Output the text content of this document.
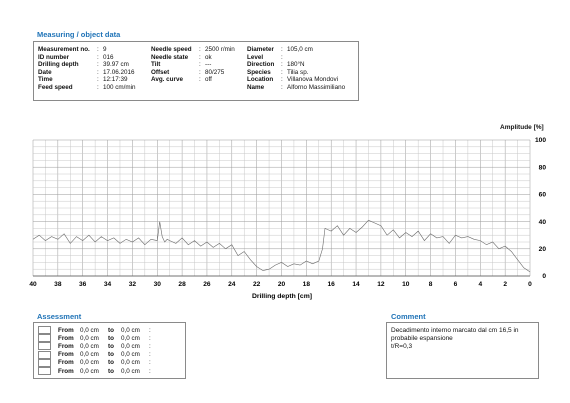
Measuring / object data
Measurement no.	: 9
ID number	: 016
Drilling depth	: 39.97 cm
Date	: 17.06.2016
Time	: 12:17:39
Feed speed	: 100 cm/min
Needle speed	: 2500 r/min
Needle state	: ok
Tilt	: ---
Offset	: 80/275
Avg. curve	: off
Diameter	: 105,0 cm
Level	:
Direction	: 180°N
Species	: Tilia sp.
Location	: Villanova Mondovi
Name	: Alforno Massimiliano
Amplitude [%]
40	38	36	34	32	30	28	26	24	22	20	18	16	14	12	10	8	6	4	2	0
0
20
40
60
80
100
Drilling depth [cm]
Assessment
From 0,0 cm	to	0,0 cm	:
From 0,0 cm	to	0,0 cm	:
From 0,0 cm	to	0,0 cm	:
From 0,0 cm	to	0,0 cm	:
From 0,0 cm	to	0,0 cm	:
From 0,0 cm	to	0,0 cm	:
Comment
Decadimento interno marcato dal cm 16,5 in
probabile espansione
t/R=0,3
